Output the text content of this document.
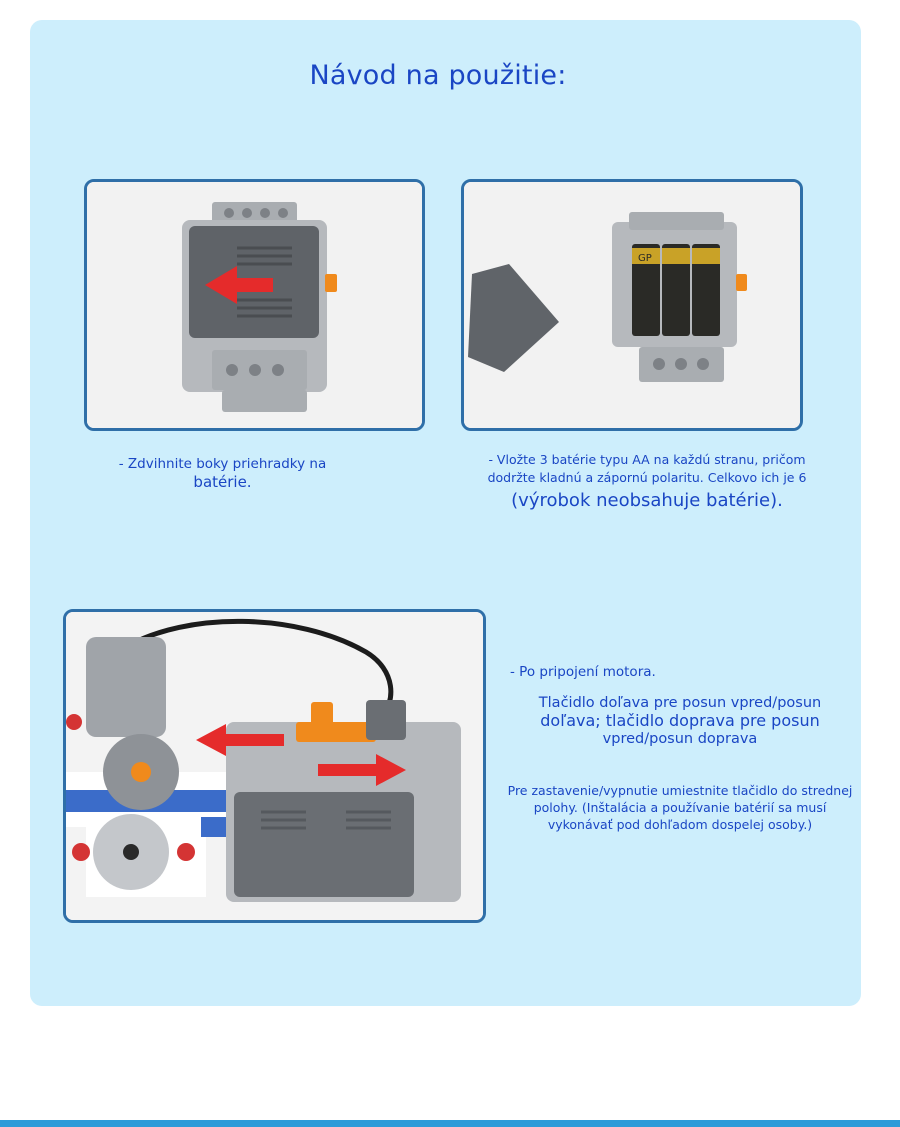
Návod na použitie:
GP
- Zdvihnite boky priehradky na
batérie.
- Vložte 3 batérie typu AA na každú stranu, pričom
dodržte kladnú a zápornú polaritu. Celkovo ich je 6
(výrobok neobsahuje batérie).
- Po pripojení motora.
Tlačidlo doľava pre posun vpred/posun
doľava; tlačidlo doprava pre posun
vpred/posun doprava
Pre zastavenie/vypnutie umiestnite tlačidlo do strednej
polohy. (Inštalácia a používanie batérií sa musí
vykonávať pod dohľadom dospelej osoby.)
